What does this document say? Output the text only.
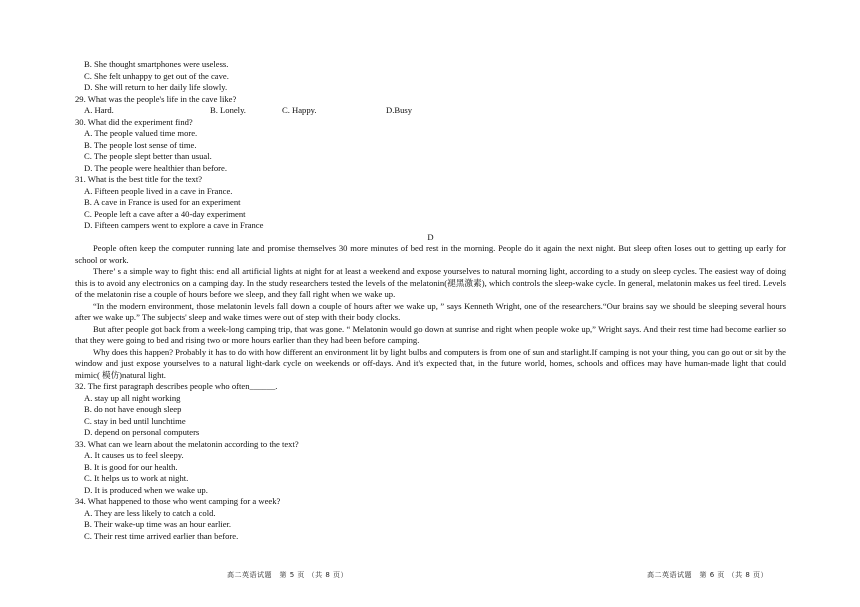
B. She thought smartphones were useless.
C. She felt unhappy to get out of the cave.
D. She will return to her daily life slowly.
29. What was the people's life in the cave like?
A. Hard.	B. Lonely.	C. Happy.	D.Busy
30. What did the experiment find?
A. The people valued time more.
B. The people lost sense of time.
C. The people slept better than usual.
D. The people were healthier than before.
31. What is the best title for the text?
A. Fifteen people lived in a cave in France.
B. A cave in France is used for an experiment
C. People left a cave after a 40-day experiment
D. Fifteen campers went to explore a cave in France
D
People often keep the computer running late and promise themselves 30 more minutes of bed rest in the morning. People do it again the next night. But sleep often loses out to getting up early for school or work.
There’ s a simple way to fight this: end all artificial lights at night for at least a weekend and expose yourselves to natural morning light, according to a study on sleep cycles. The easiest way of doing this is to avoid any electronics on a camping day. In the study researchers tested the levels of the melatonin(褪黑激素), which controls the sleep-wake cycle. In general, melatonin makes us feel tired. Levels of the melatonin rise a couple of hours before we sleep, and they fall right when we wake up.
“In the modern environment, those melatonin levels fall down a couple of hours after we wake up, ” says Kenneth Wright, one of the researchers.“Our brains say we should be sleeping several hours after we wake up.” The subjects' sleep and wake times were out of step with their body clocks.
But after people got back from a week-long camping trip, that was gone. “ Melatonin would go down at sunrise and right when people woke up,” Wright says. And their rest time had become earlier so that they were going to bed and rising two or more hours earlier than they had been before camping.
Why does this happen? Probably it has to do with how different an environment lit by light bulbs and computers is from one of sun and starlight.If camping is not your thing, you can go out or sit by the window and just expose yourselves to a natural light-dark cycle on weekends or off-days. And it's expected that, in the future world, homes, schools and offices may have human-made light that could mimic( 模仿)natural light.
32. The first paragraph describes people who often______.
A. stay up all night working
B. do not have enough sleep
C. stay in bed until lunchtime
D. depend on personal computers
33. What can we learn about the melatonin according to the text?
A. It causes us to feel sleepy.
B. It is good for our health.
C. It helps us to work at night.
D. It is produced when we wake up.
34. What happened to those who went camping for a week?
A. They are less likely to catch a cold.
B. Their wake-up time was an hour earlier.
C. Their rest time arrived earlier than before.
高二英语试题　第 5 页 （共 8 页）	高二英语试题　第 6 页 （共 8 页）
